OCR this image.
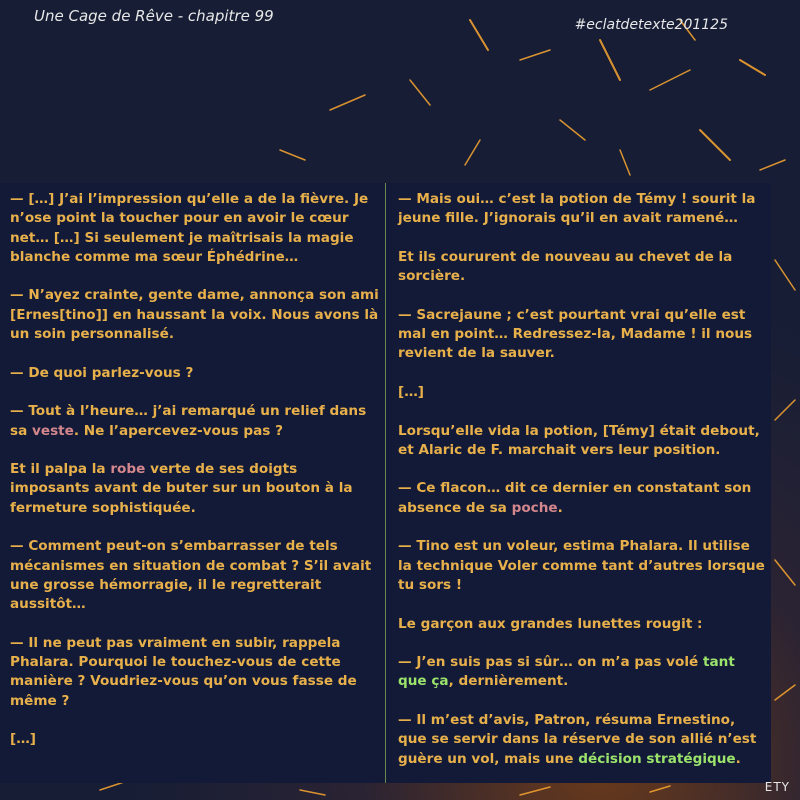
Une Cage de Rêve - chapitre 99	#eclatdetexte201125

— […] J’ai l’impression qu’elle a de la fièvre. Je n’ose point la toucher pour en avoir le cœur net… […] Si seulement je maîtrisais la magie blanche comme ma sœur Éphédrine…

— N’ayez crainte, gente dame, annonça son ami [Ernes[tino]] en haussant la voix. Nous avons là un soin personnalisé.

— De quoi parlez-vous ?

— Tout à l’heure… j’ai remarqué un relief dans sa veste. Ne l’apercevez-vous pas ?

Et il palpa la robe verte de ses doigts imposants avant de buter sur un bouton à la fermeture sophistiquée.

— Comment peut-on s’embarrasser de tels mécanismes en situation de combat ? S’il avait une grosse hémorragie, il le regretterait aussitôt…

— Il ne peut pas vraiment en subir, rappela Phalara. Pourquoi le touchez-vous de cette manière ? Voudriez-vous qu’on vous fasse de même ?

[…]

— Mais oui… c’est la potion de Témy ! sourit la jeune fille. J’ignorais qu’il en avait ramené…

Et ils coururent de nouveau au chevet de la sorcière.

— Sacrejaune ; c’est pourtant vrai qu’elle est mal en point… Redressez-la, Madame ! il nous revient de la sauver.

[…]

Lorsqu’elle vida la potion, [Témy] était debout, et Alaric de F. marchait vers leur position.

— Ce flacon… dit ce dernier en constatant son absence de sa poche.

— Tino est un voleur, estima Phalara. Il utilise la technique Voler comme tant d’autres lorsque tu sors !

Le garçon aux grandes lunettes rougit :

— J’en suis pas si sûr… on m’a pas volé tant que ça, dernièrement.

— Il m’est d’avis, Patron, résuma Ernestino, que se servir dans la réserve de son allié n’est guère un vol, mais une décision stratégique.

ETY
